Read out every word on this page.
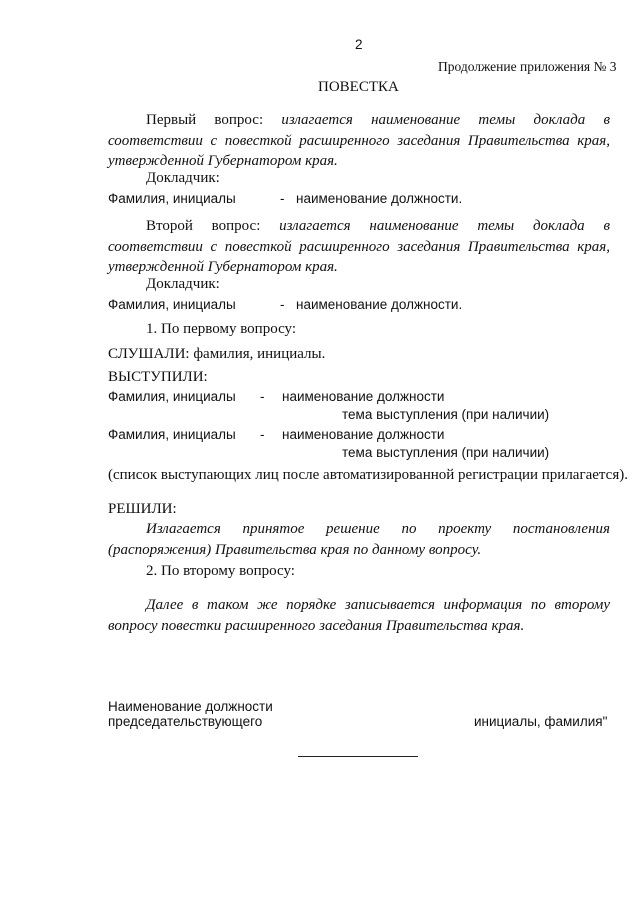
2
Продолжение приложения № 3
ПОВЕСТКА
Первый вопрос: излагается наименование темы доклада в соответствии с повесткой расширенного заседания Правительства края, утвержденной Губернатором края.
Докладчик:
Фамилия, инициалы	- наименование должности.
Второй вопрос: излагается наименование темы доклада в соответствии с повесткой расширенного заседания Правительства края, утвержденной Губернатором края.
Докладчик:
Фамилия, инициалы	- наименование должности.
1. По первому вопросу:
СЛУШАЛИ: фамилия, инициалы.
ВЫСТУПИЛИ:
Фамилия, инициалы - наименование должности
тема выступления (при наличии)
Фамилия, инициалы - наименование должности
тема выступления (при наличии)
(список выступающих лиц после автоматизированной регистрации прилагается).
РЕШИЛИ:
Излагается принятое решение по проекту постановления (распоряжения) Правительства края по данному вопросу.
2. По второму вопросу:
Далее в таком же порядке записывается информация по второму вопросу повестки расширенного заседания Правительства края.
Наименование должности
председательствующего	инициалы, фамилия"
